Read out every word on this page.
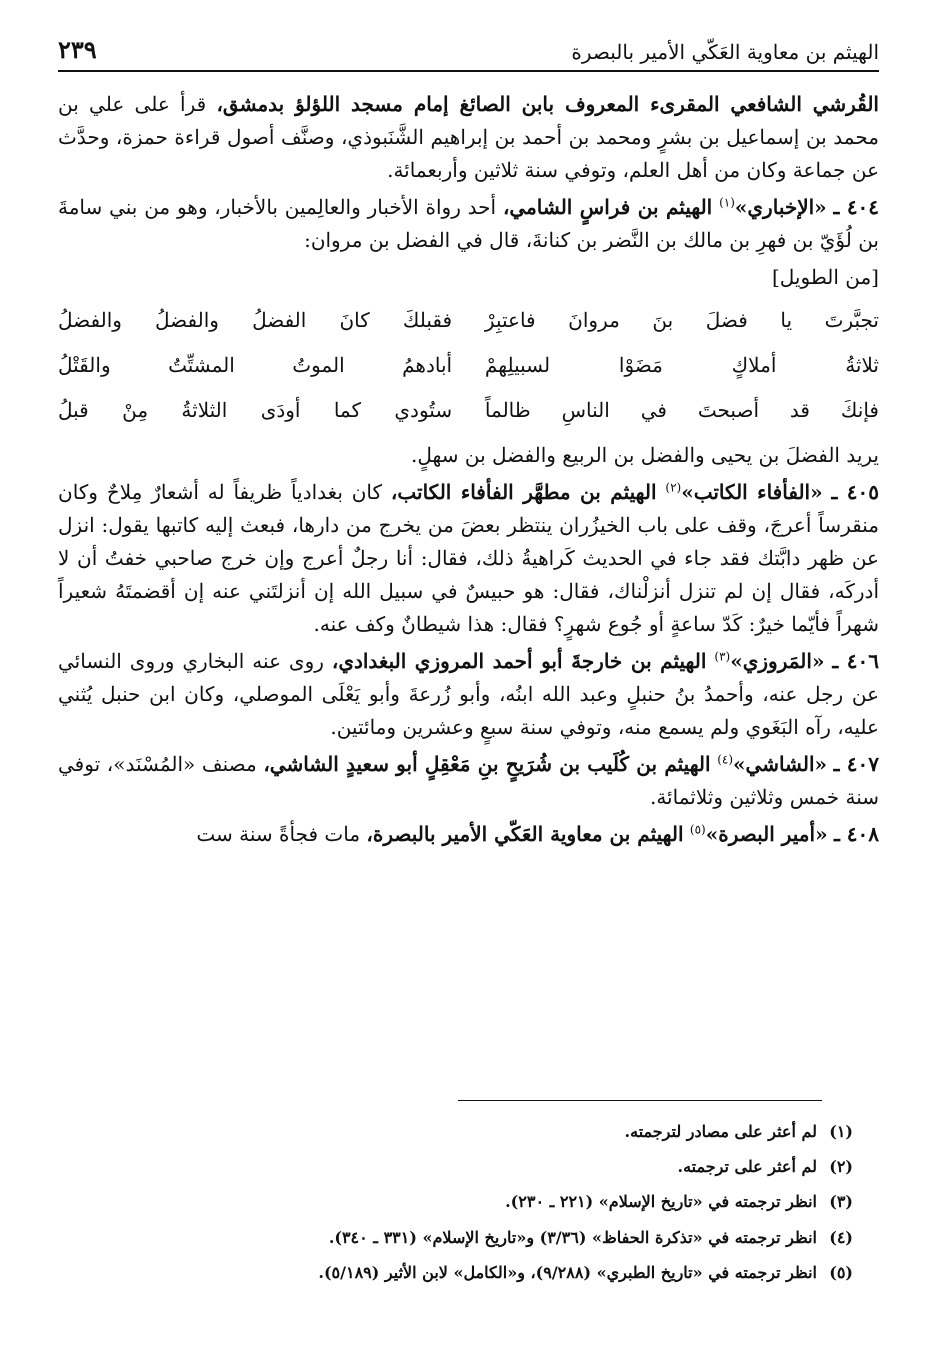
الهيثم بن معاوية العَكّي الأمير بالبصرة
٢٣٩

القُرشي الشافعي المقرىء المعروف بابن الصائغ إمام مسجد اللؤلؤ بدمشق، قرأ على علي بن محمد بن إسماعيل بن بشرٍ ومحمد بن أحمد بن إبراهيم الشَّنَبوذي، وصنَّف أصول قراءة حمزة، وحدَّث عن جماعة وكان من أهل العلم، وتوفي سنة ثلاثين وأربعمائة.

٤٠٤ ـ «الإخباري»$^{(١)}$ الهيثم بن فراسٍ الشامي، أحد رواة الأخبار والعالِمين بالأخبار، وهو من بني سامةَ بن لُؤَيّ بن فهرِ بن مالك بن النَّضر بن كنانةَ، قال في الفضل بن مروان:

[من الطويل]

تجبَّرتَ يا فضلَ بنَ مروانَ فاعتبِرْ
فقبلكَ كانَ الفضلُ والفضلُ والفضلُ
ثلاثةُ أملاكٍ مَضَوْا لسبيلِهمْ
أبادهمُ الموتُ المشتِّتُ والقَتْلُ
فإنكَ قد أصبحتَ في الناسِ ظالماً
ستُودي كما أودَى الثلاثةُ مِنْ قبلُ

يريد الفضلَ بن يحيى والفضل بن الربيع والفضل بن سهلٍ.

٤٠٥ ـ «الفأفاء الكاتب»$^{(٢)}$ الهيثم بن مطهَّر الفأفاء الكاتب، كان بغدادياً ظريفاً له أشعارٌ مِلاحٌ وكان منقرساً أعرجَ، وقف على باب الخيزُران ينتظر بعضَ من يخرج من دارها، فبعث إليه كاتبها يقول: انزل عن ظهر دابَّتك فقد جاء في الحديث كَراهيةُ ذلك، فقال: أنا رجلٌ أعرج وإن خرج صاحبي خفتُ أن لا أدركَه، فقال إن لم تنزل أنزلْناك، فقال: هو حبيسٌ في سبيل الله إن أنزلتَني عنه إن أقضمتَهُ شعيراً شهراً فأيّما خيرٌ: كَدّ ساعةٍ أو جُوع شهرٍ؟ فقال: هذا شيطانٌ وكف عنه.

٤٠٦ ـ «المَروزي»$^{(٣)}$ الهيثم بن خارجةَ أبو أحمد المروزي البغدادي، روى عنه البخاري وروى النسائي عن رجل عنه، وأحمدُ بنُ حنبلٍ وعبد الله ابنُه، وأبو زُرعةَ وأبو يَعْلَى الموصلي، وكان ابن حنبل يُثني عليه، رآه البَغَوي ولم يسمع منه، وتوفي سنة سبعٍ وعشرين ومائتين.

٤٠٧ ـ «الشاشي»$^{(٤)}$ الهيثم بن كُلَيب بن شُرَيحٍ بنِ مَعْقِلٍ أبو سعيدٍ الشاشي، مصنف «المُسْنَد»، توفي سنة خمس وثلاثين وثلاثمائة.

٤٠٨ ـ «أمير البصرة»$^{(٥)}$ الهيثم بن معاوية العَكّي الأمير بالبصرة، مات فجأةً سنة ست

(١)
لم أعثر على مصادر لترجمته.
(٢)
لم أعثر على ترجمته.
(٣)
انظر ترجمته في «تاريخ الإسلام» (٢٢١ ـ ٢٣٠).
(٤)
انظر ترجمته في «تذكرة الحفاظ» (٣/٣٦) و«تاريخ الإسلام» (٣٣١ ـ ٣٤٠).
(٥)
انظر ترجمته في «تاريخ الطبري» (٩/٢٨٨)، و«الكامل» لابن الأثير (٥/١٨٩).
